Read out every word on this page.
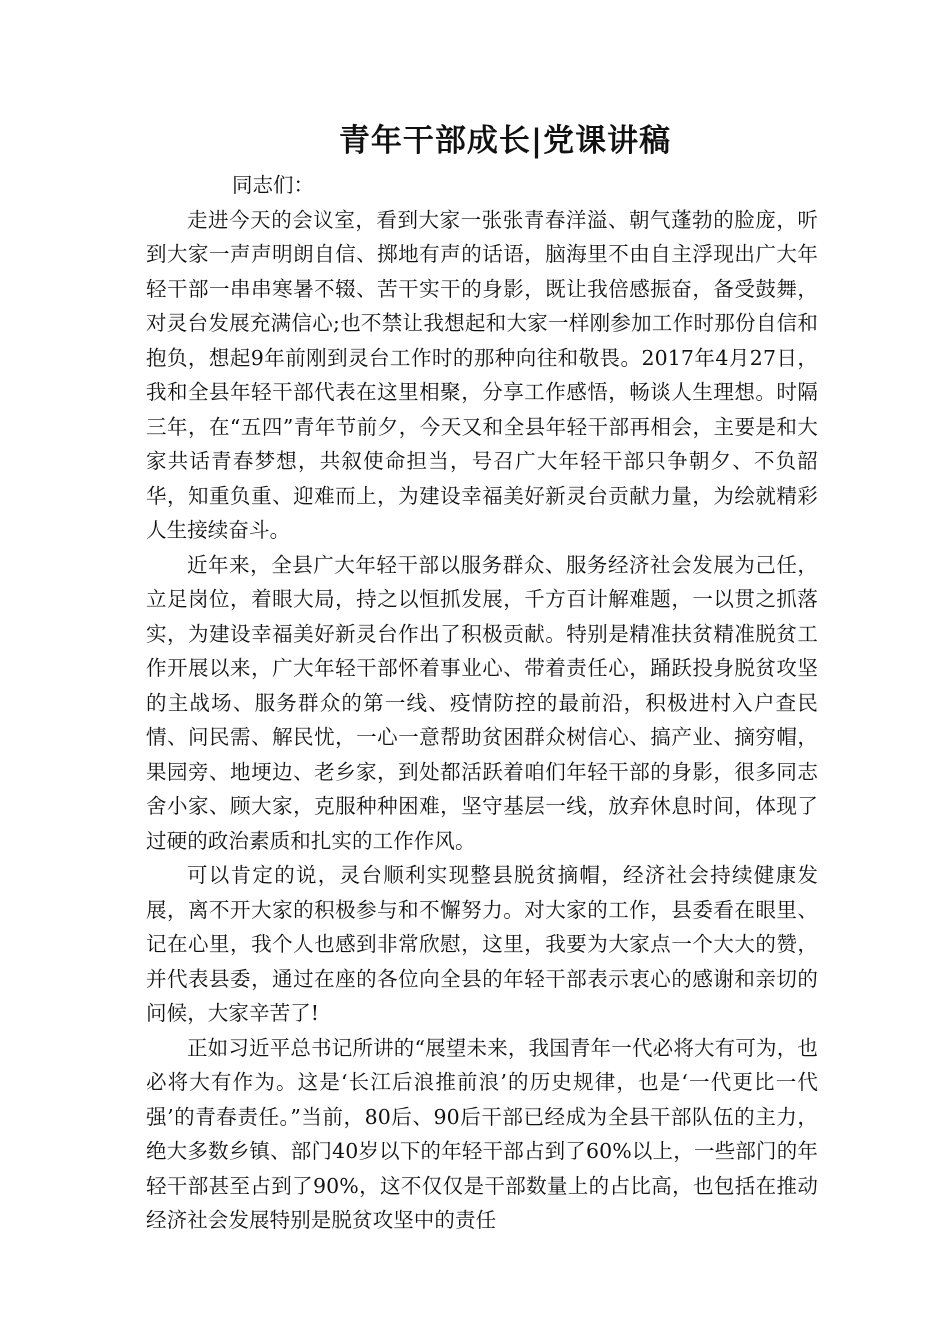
青年干部成长|党课讲稿

同志们：

走进今天的会议室，看到大家一张张青春洋溢、朝气蓬勃的脸庞，听到大家一声声明朗自信、掷地有声的话语，脑海里不由自主浮现出广大年轻干部一串串寒暑不辍、苦干实干的身影，既让我倍感振奋，备受鼓舞，对灵台发展充满信心;也不禁让我想起和大家一样刚参加工作时那份自信和抱负，想起9年前刚到灵台工作时的那种向往和敬畏。2017年4月27日，我和全县年轻干部代表在这里相聚，分享工作感悟，畅谈人生理想。时隔三年，在“五四”青年节前夕，今天又和全县年轻干部再相会，主要是和大家共话青春梦想，共叙使命担当，号召广大年轻干部只争朝夕、不负韶华，知重负重、迎难而上，为建设幸福美好新灵台贡献力量，为绘就精彩人生接续奋斗。

近年来，全县广大年轻干部以服务群众、服务经济社会发展为己任，立足岗位，着眼大局，持之以恒抓发展，千方百计解难题，一以贯之抓落实，为建设幸福美好新灵台作出了积极贡献。特别是精准扶贫精准脱贫工作开展以来，广大年轻干部怀着事业心、带着责任心，踊跃投身脱贫攻坚的主战场、服务群众的第一线、疫情防控的最前沿，积极进村入户查民情、问民需、解民忧，一心一意帮助贫困群众树信心、搞产业、摘穷帽，果园旁、地埂边、老乡家，到处都活跃着咱们年轻干部的身影，很多同志舍小家、顾大家，克服种种困难，坚守基层一线，放弃休息时间，体现了过硬的政治素质和扎实的工作作风。

可以肯定的说，灵台顺利实现整县脱贫摘帽，经济社会持续健康发展，离不开大家的积极参与和不懈努力。对大家的工作，县委看在眼里、记在心里，我个人也感到非常欣慰，这里，我要为大家点一个大大的赞，并代表县委，通过在座的各位向全县的年轻干部表示衷心的感谢和亲切的问候，大家辛苦了!

正如习近平总书记所讲的“展望未来，我国青年一代必将大有可为，也必将大有作为。这是‘长江后浪推前浪’的历史规律，也是‘一代更比一代强’的青春责任。”当前，80后、90后干部已经成为全县干部队伍的主力，绝大多数乡镇、部门40岁以下的年轻干部占到了60%以上，一些部门的年轻干部甚至占到了90%，这不仅仅是干部数量上的占比高，也包括在推动经济社会发展特别是脱贫攻坚中的责任
